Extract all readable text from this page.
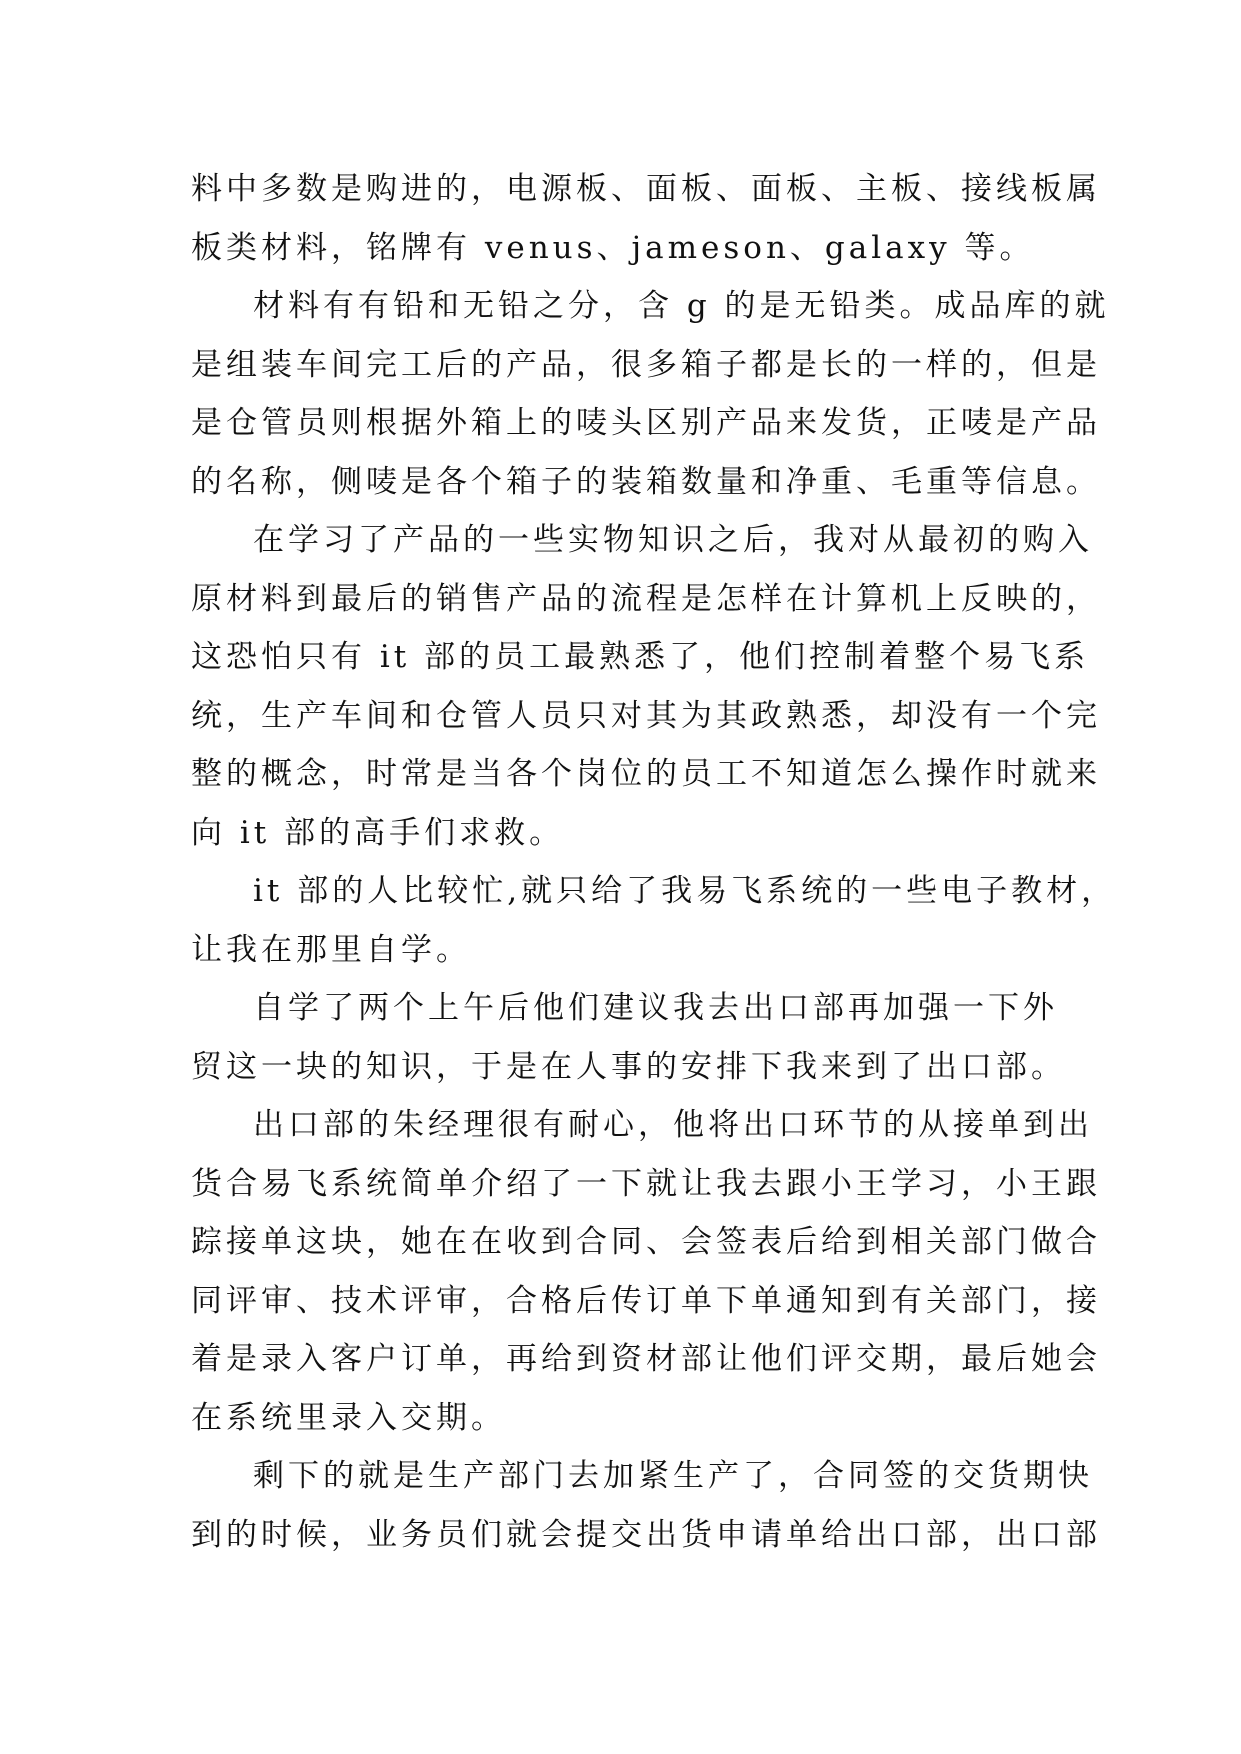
料中多数是购进的，电源板、面板、面板、主板、接线板属
板类材料，铭牌有 venus、jameson、galaxy 等。
材料有有铅和无铅之分，含 g 的是无铅类。成品库的就
是组装车间完工后的产品，很多箱子都是长的一样的，但是
是仓管员则根据外箱上的唛头区别产品来发货，正唛是产品
的名称，侧唛是各个箱子的装箱数量和净重、毛重等信息。
在学习了产品的一些实物知识之后，我对从最初的购入
原材料到最后的销售产品的流程是怎样在计算机上反映的，
这恐怕只有 it 部的员工最熟悉了，他们控制着整个易飞系
统，生产车间和仓管人员只对其为其政熟悉，却没有一个完
整的概念，时常是当各个岗位的员工不知道怎么操作时就来
向 it 部的高手们求救。
it 部的人比较忙,就只给了我易飞系统的一些电子教材，
让我在那里自学。
自学了两个上午后他们建议我去出口部再加强一下外
贸这一块的知识，于是在人事的安排下我来到了出口部。
出口部的朱经理很有耐心，他将出口环节的从接单到出
货合易飞系统简单介绍了一下就让我去跟小王学习，小王跟
踪接单这块，她在在收到合同、会签表后给到相关部门做合
同评审、技术评审，合格后传订单下单通知到有关部门，接
着是录入客户订单，再给到资材部让他们评交期，最后她会
在系统里录入交期。
剩下的就是生产部门去加紧生产了，合同签的交货期快
到的时候，业务员们就会提交出货申请单给出口部，出口部
